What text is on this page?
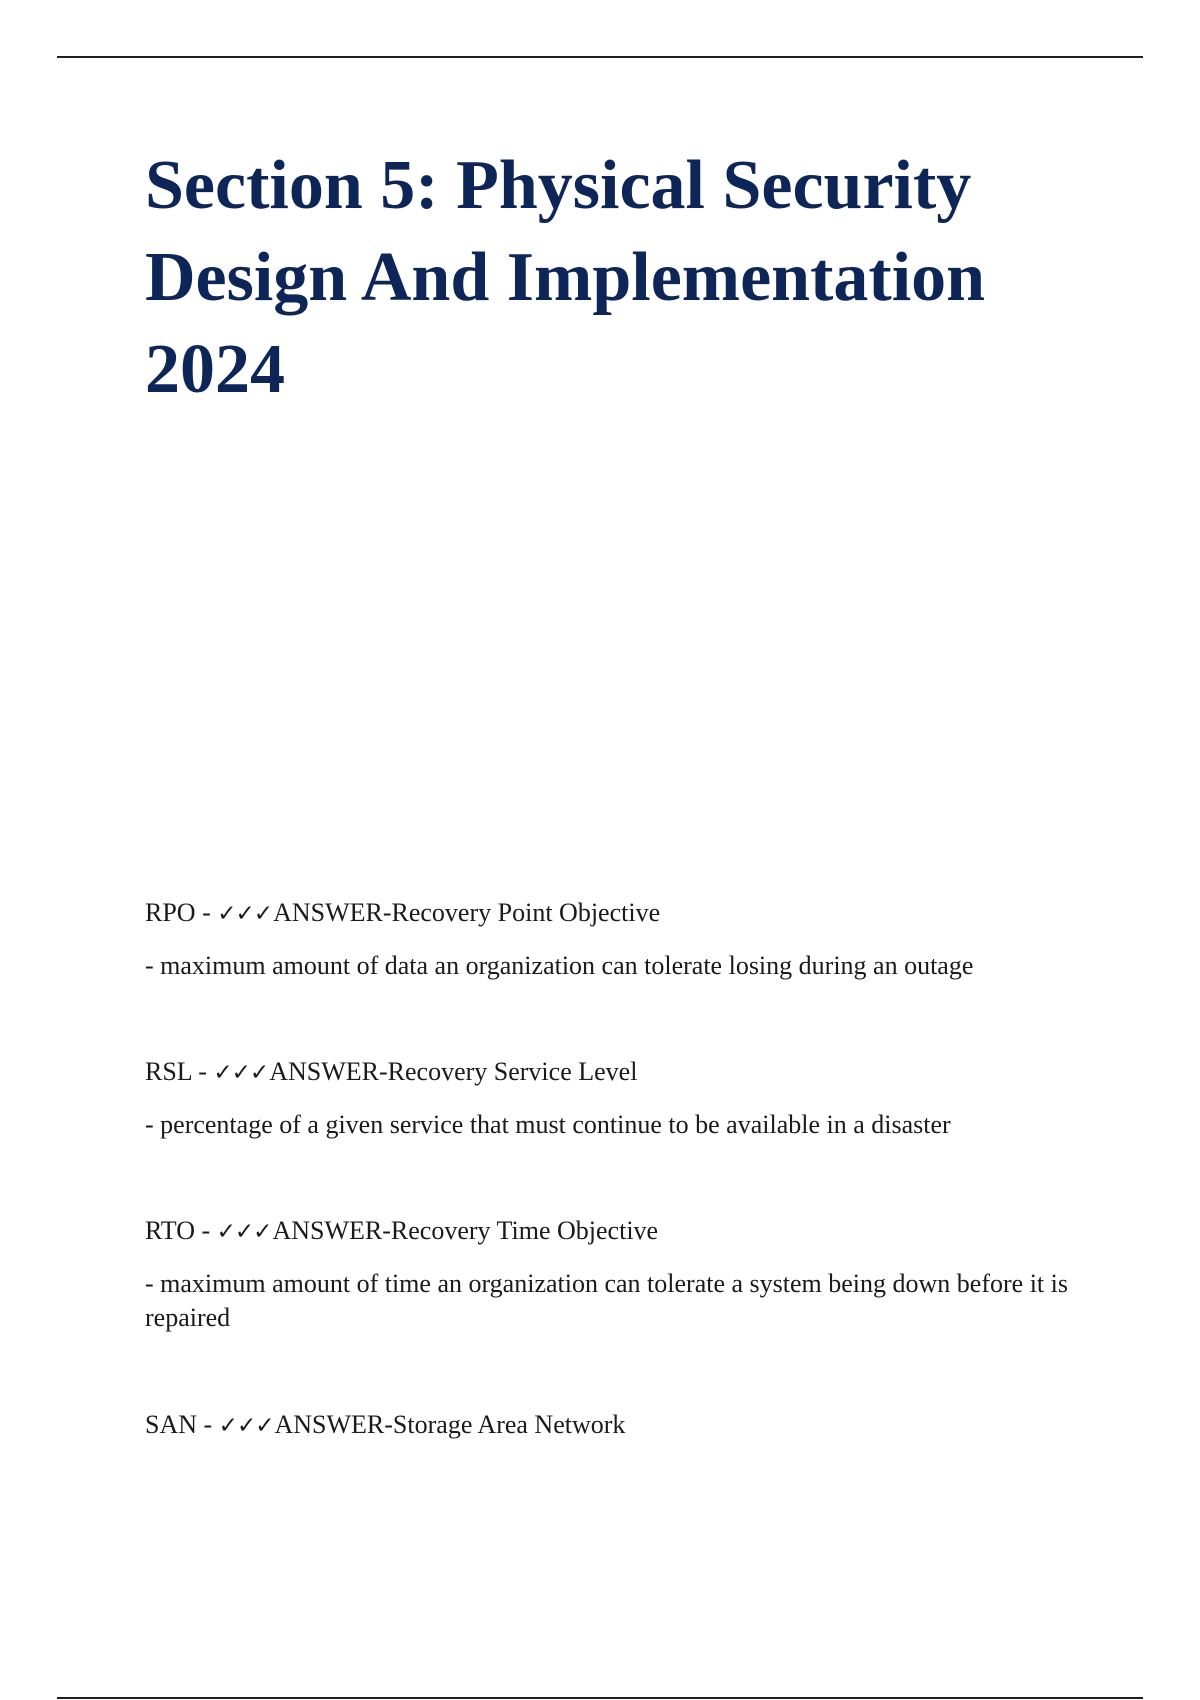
Section 5: Physical Security
Design And Implementation
2024
RPO - ✓✓✓ANSWER-Recovery Point Objective
- maximum amount of data an organization can tolerate losing during an outage
RSL - ✓✓✓ANSWER-Recovery Service Level
- percentage of a given service that must continue to be available in a disaster
RTO - ✓✓✓ANSWER-Recovery Time Objective
- maximum amount of time an organization can tolerate a system being down before it is repaired
SAN - ✓✓✓ANSWER-Storage Area Network
